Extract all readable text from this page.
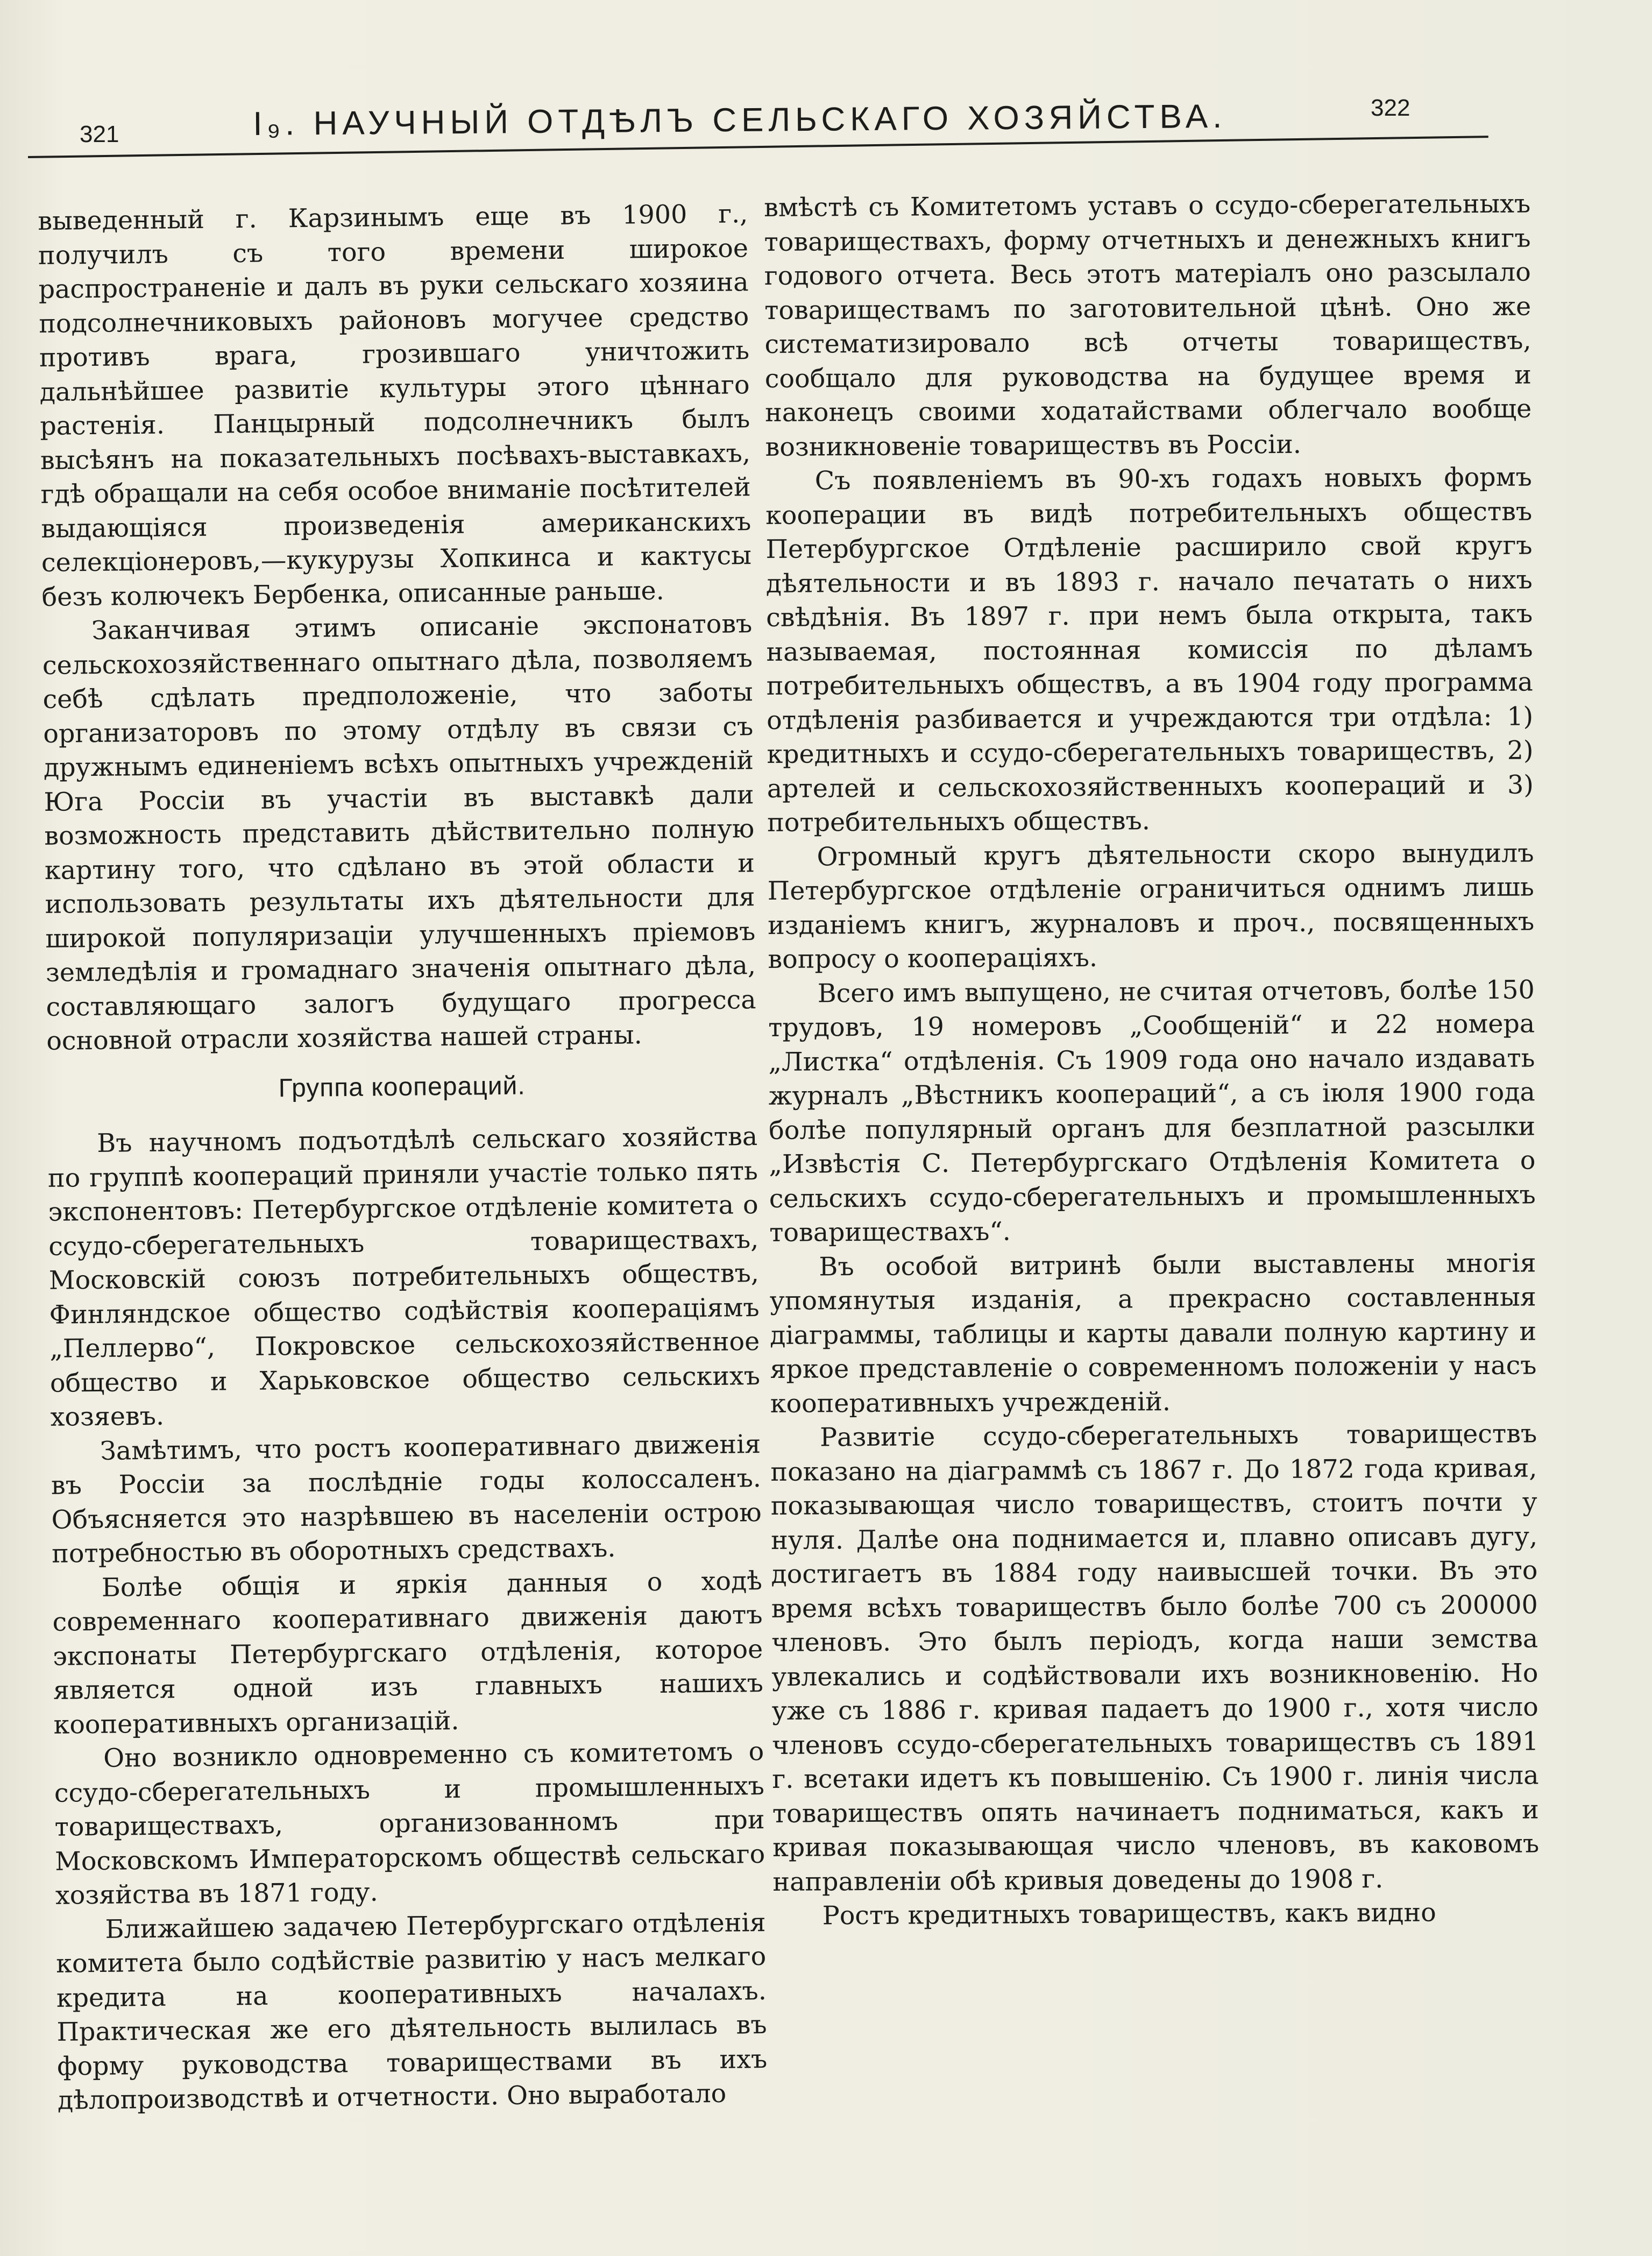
321	I₉. НАУЧНЫЙ ОТДѢЛЪ СЕЛЬСКАГО ХОЗЯЙСТВА.	322

выведенный г. Карзинымъ еще въ 1900 г., получилъ съ того времени широкое распространеніе и далъ въ руки сельскаго хозяина подсолнечниковыхъ районовъ могучее средство противъ врага, грозившаго уничтожить дальнѣйшее развитіе культуры этого цѣннаго растенія. Панцырный подсолнечникъ былъ высѣянъ на показательныхъ посѣвахъ-выставкахъ, гдѣ обращали на себя особое вниманіе посѣтителей выдающіяся произведенія американскихъ селекціонеровъ,—кукурузы Хопкинса и кактусы безъ колючекъ Бербенка, описанные раньше.

Заканчивая этимъ описаніе экспонатовъ сельскохозяйственнаго опытнаго дѣла, позволяемъ себѣ сдѣлать предположеніе, что заботы организаторовъ по этому отдѣлу въ связи съ дружнымъ единеніемъ всѣхъ опытныхъ учрежденій Юга Россіи въ участіи въ выставкѣ дали возможность представить дѣйствительно полную картину того, что сдѣлано въ этой области и использовать результаты ихъ дѣятельности для широкой популяризаціи улучшенныхъ пріемовъ земледѣлія и громаднаго значенія опытнаго дѣла, составляющаго залогъ будущаго прогресса основной отрасли хозяйства нашей страны.

Группа коопераций.

Въ научномъ подъотдѣлѣ сельскаго хозяйства по группѣ коопераций приняли участіе только пять экспонентовъ: Петербургское отдѣленіе комитета о ссудо-сберегательныхъ товариществахъ, Московскій союзъ потребительныхъ обществъ, Финляндское общество содѣйствія кооперацiямъ „Пеллерво“, Покровское сельскохозяйственное общество и Харьковское общество сельскихъ хозяевъ.

Замѣтимъ, что ростъ кооперативнаго движенія въ Россіи за послѣдніе годы колоссаленъ. Объясняется это назрѣвшею въ населеніи острою потребностью въ оборотныхъ средствахъ.

Болѣе общія и яркія данныя о ходѣ современнаго кооперативнаго движенія даютъ экспонаты Петербургскаго отдѣленія, которое является одной изъ главныхъ нашихъ кооперативныхъ организацій.

Оно возникло одновременно съ комитетомъ о ссудо-сберегательныхъ и промышленныхъ товариществахъ, организованномъ при Московскомъ Императорскомъ обществѣ сельскаго хозяйства въ 1871 году.

Ближайшею задачею Петербургскаго отдѣленія комитета было содѣйствіе развитію у насъ мелкаго кредита на кооперативныхъ началахъ. Практическая же его дѣятельность вылилась въ форму руководства товариществами въ ихъ дѣлопроизводствѣ и отчетности. Оно выработало

вмѣстѣ съ Комитетомъ уставъ о ссудо-сберегательныхъ товариществахъ, форму отчетныхъ и денежныхъ книгъ годового отчета. Весь этотъ матеріалъ оно разсылало товариществамъ по заготовительной цѣнѣ. Оно же систематизировало всѣ отчеты товариществъ, сообщало для руководства на будущее время и наконецъ своими ходатайствами облегчало вообще возникновеніе товариществъ въ Россіи.

Съ появленіемъ въ 90-хъ годахъ новыхъ формъ кооперации въ видѣ потребительныхъ обществъ Петербургское Отдѣленіе расширило свой кругъ дѣятельности и въ 1893 г. начало печатать о нихъ свѣдѣнія. Въ 1897 г. при немъ была открыта, такъ называемая, постоянная комиссія по дѣламъ потребительныхъ обществъ, а въ 1904 году программа отдѣленія разбивается и учреждаются три отдѣла: 1) кредитныхъ и ссудо-сберегательныхъ товариществъ, 2) артелей и сельскохозяйственныхъ коопераций и 3) потребительныхъ обществъ.

Огромный кругъ дѣятельности скоро вынудилъ Петербургское отдѣленіе ограничиться однимъ лишь изданіемъ книгъ, журналовъ и проч., посвященныхъ вопросу о кооперацiяхъ.

Всего имъ выпущено, не считая отчетовъ, болѣе 150 трудовъ, 19 номеровъ „Сообщеній“ и 22 номера „Листка“ отдѣленія. Съ 1909 года оно начало издавать журналъ „Вѣстникъ коопераций“, а съ іюля 1900 года болѣе популярный органъ для безплатной разсылки „Извѣстія С. Петербургскаго Отдѣленія Комитета о сельскихъ ссудо-сберегательныхъ и промышленныхъ товариществахъ“.

Въ особой витринѣ были выставлены многія упомянутыя изданія, а прекрасно составленныя діаграммы, таблицы и карты давали полную картину и яркое представленіе о современномъ положеніи у насъ кооперативныхъ учрежденій.

Развитіе ссудо-сберегательныхъ товариществъ показано на діаграммѣ съ 1867 г. До 1872 года кривая, показывающая число товариществъ, стоитъ почти у нуля. Далѣе она поднимается и, плавно описавъ дугу, достигаетъ въ 1884 году наивысшей точки. Въ это время всѣхъ товариществъ было болѣе 700 съ 200000 членовъ. Это былъ періодъ, когда наши земства увлекались и содѣйствовали ихъ возникновенію. Но уже съ 1886 г. кривая падаетъ до 1900 г., хотя число членовъ ссудо-сберегательныхъ товариществъ съ 1891 г. всетаки идетъ къ повышенію. Съ 1900 г. линія числа товариществъ опять начинаетъ подниматься, какъ и кривая показывающая число членовъ, въ каковомъ направленіи обѣ кривыя доведены до 1908 г.

Ростъ кредитныхъ товариществъ, какъ видно
